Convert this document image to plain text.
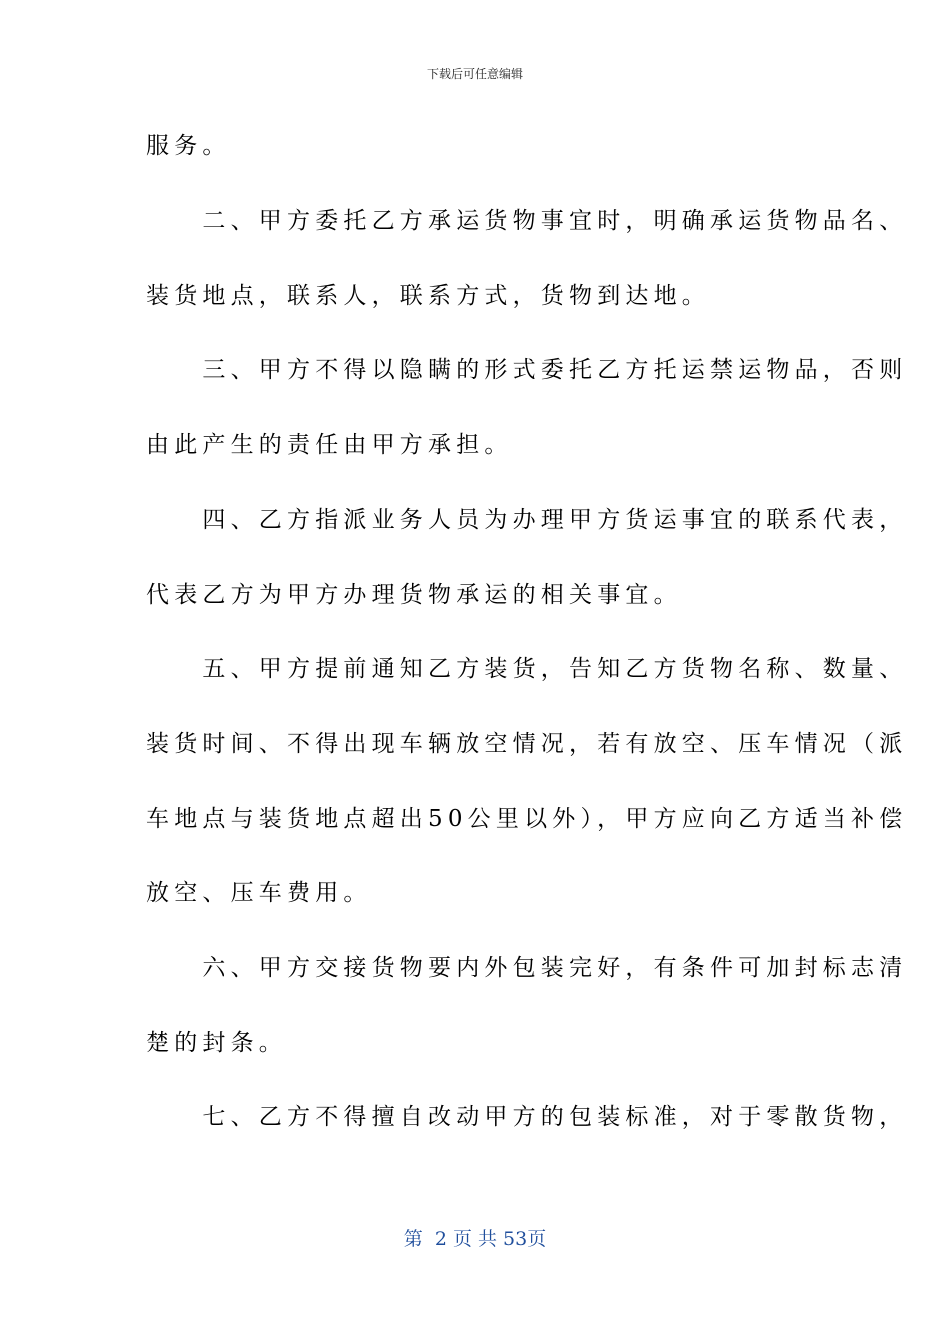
下载后可任意编辑
服务。
　　二、甲方委托乙方承运货物事宜时，明确承运货物品名、
装货地点，联系人，联系方式，货物到达地。
　　三、甲方不得以隐瞒的形式委托乙方托运禁运物品，否则
由此产生的责任由甲方承担。
　　四、乙方指派业务人员为办理甲方货运事宜的联系代表，
代表乙方为甲方办理货物承运的相关事宜。
　　五、甲方提前通知乙方装货，告知乙方货物名称、数量、
装货时间、不得出现车辆放空情况，若有放空、压车情况（派
车地点与装货地点超出50公里以外），甲方应向乙方适当补偿
放空、压车费用。
　　六、甲方交接货物要内外包装完好，有条件可加封标志清
楚的封条。
　　七、乙方不得擅自改动甲方的包装标准，对于零散货物，
第  2 页 共 53页
